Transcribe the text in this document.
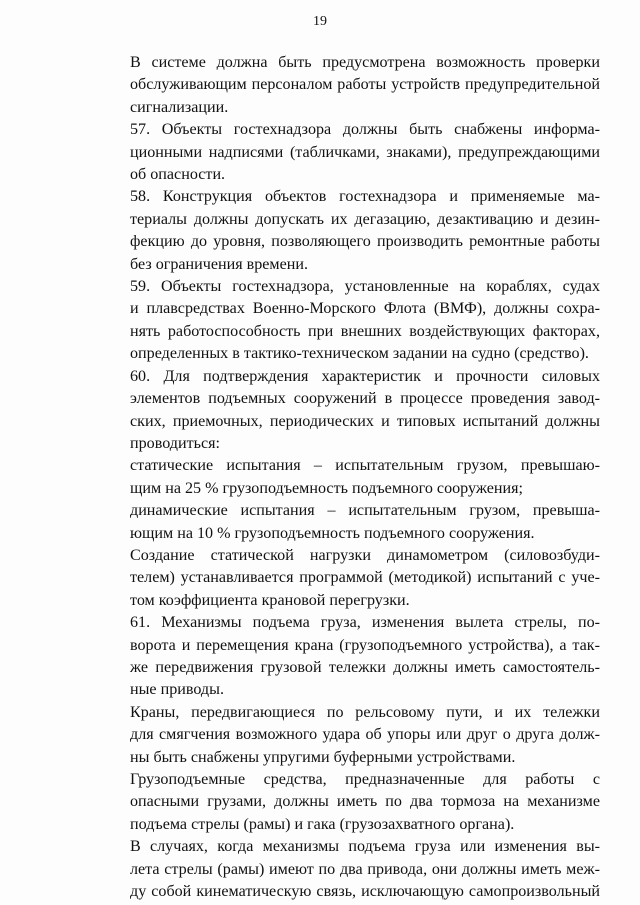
19

В системе должна быть предусмотрена возможность проверки
обслуживающим персоналом работы устройств предупредительной
сигнализации.

57. Объекты гостехнадзора должны быть снабжены информа-
ционными надписями (табличками, знаками), предупреждающими
об опасности.

58. Конструкция объектов гостехнадзора и применяемые ма-
териалы должны допускать их дегазацию, дезактивацию и дезин-
фекцию до уровня, позволяющего производить ремонтные работы
без ограничения времени.

59. Объекты гостехнадзора, установленные на кораблях, судах
и плавсредствах Военно-Морского Флота (ВМФ), должны сохра-
нять работоспособность при внешних воздействующих факторах,
определенных в тактико-техническом задании на судно (средство).

60. Для подтверждения характеристик и прочности силовых
элементов подъемных сооружений в процессе проведения завод-
ских, приемочных, периодических и типовых испытаний должны
проводиться:

статические испытания – испытательным грузом, превышаю-
щим на 25 % грузоподъемность подъемного сооружения;

динамические испытания – испытательным грузом, превыша-
ющим на 10 % грузоподъемность подъемного сооружения.

Создание статической нагрузки динамометром (силовозбуди-
телем) устанавливается программой (методикой) испытаний с уче-
том коэффициента крановой перегрузки.

61. Механизмы подъема груза, изменения вылета стрелы, по-
ворота и перемещения крана (грузоподъемного устройства), а так-
же передвижения грузовой тележки должны иметь самостоятель-
ные приводы.

Краны, передвигающиеся по рельсовому пути, и их тележки
для смягчения возможного удара об упоры или друг о друга долж-
ны быть снабжены упругими буферными устройствами.

Грузоподъемные средства, предназначенные для работы с
опасными грузами, должны иметь по два тормоза на механизме
подъема стрелы (рамы) и гака (грузозахватного органа).

В случаях, когда механизмы подъема груза или изменения вы-
лета стрелы (рамы) имеют по два привода, они должны иметь меж-
ду собой кинематическую связь, исключающую самопроизвольный
